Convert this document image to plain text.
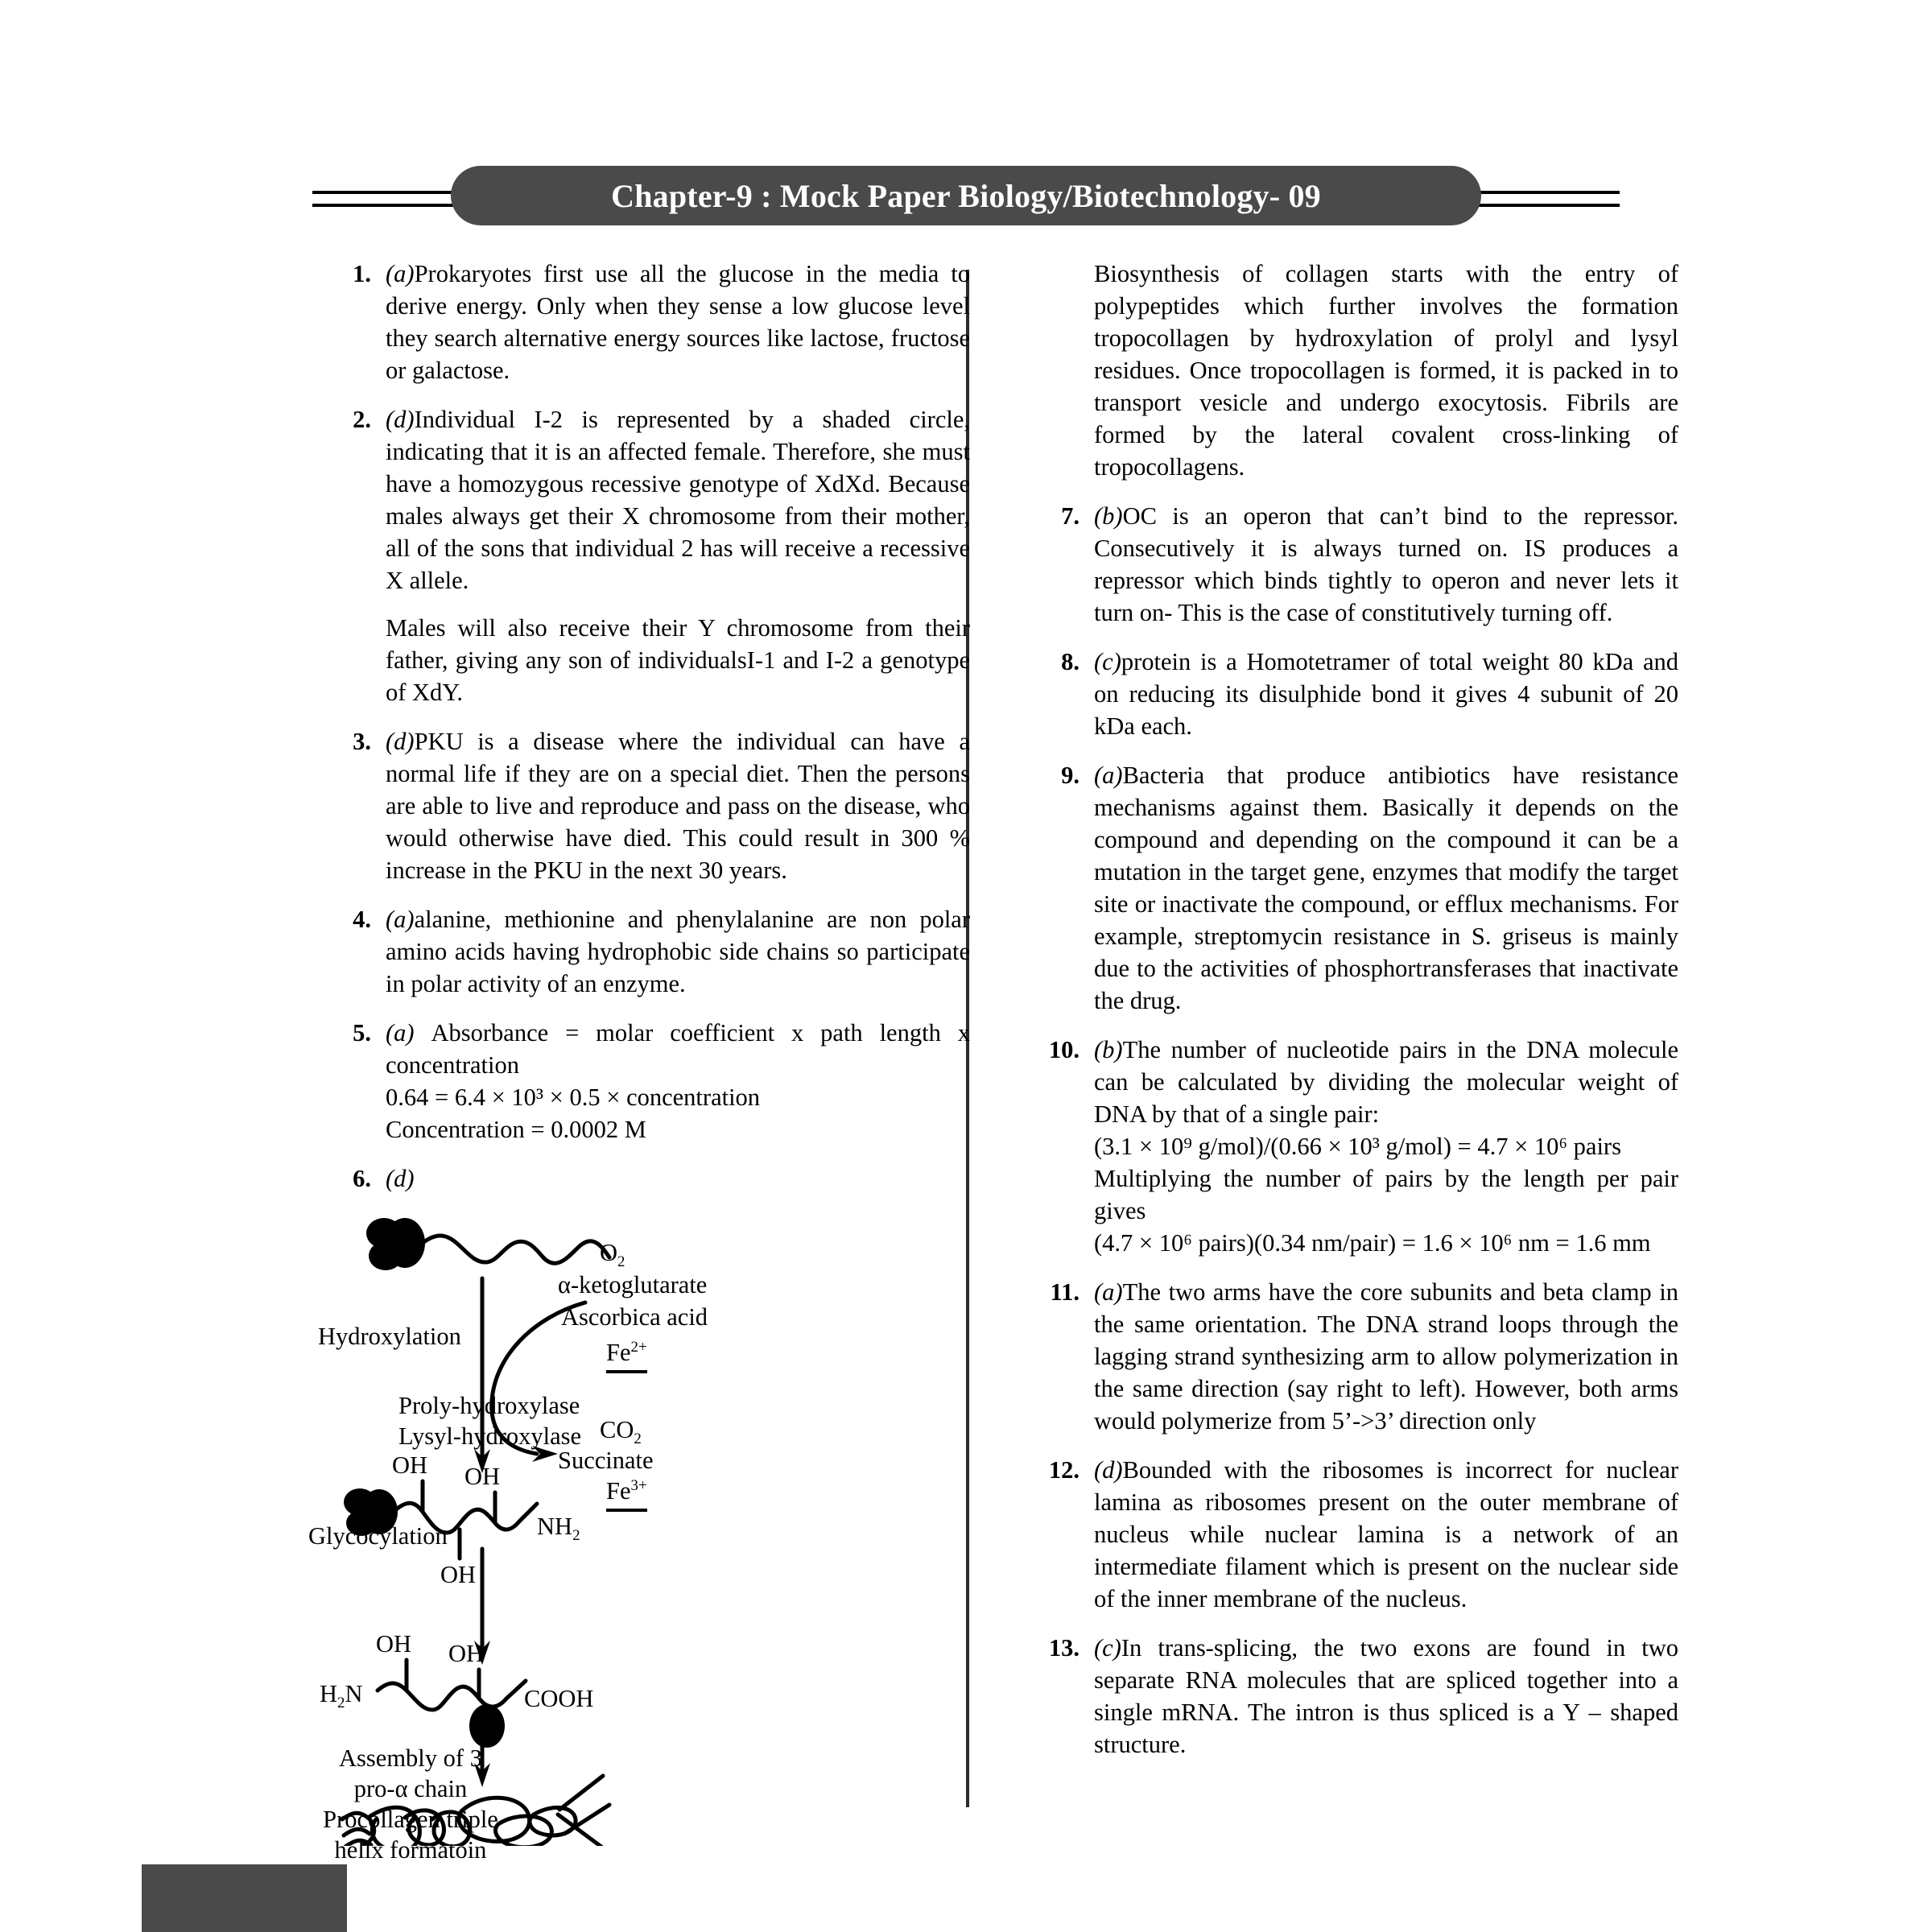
Chapter-9 : Mock Paper Biology/Biotechnology- 09
1. (a)Prokaryotes first use all the glucose in the media to derive energy. Only when they sense a low glucose level they search alternative energy sources like lactose, fructose or galactose.
2. (d)Individual I-2 is represented by a shaded circle, indicating that it is an affected female. Therefore, she must have a homozygous recessive genotype of XdXd. Because males always get their X chromosome from their mother, all of the sons that individual 2 has will receive a recessive X allele.
Males will also receive their Y chromosome from their father, giving any son of individualsI-1 and I-2 a genotype of XdY.
3. (d)PKU is a disease where the individual can have a normal life if they are on a special diet. Then the persons are able to live and reproduce and pass on the disease, who would otherwise have died. This could result in 300 % increase in the PKU in the next 30 years.
4. (a)alanine, methionine and phenylalanine are non polar amino acids having hydrophobic side chains so participate in polar activity of an enzyme.
5. (a) Absorbance = molar coefficient x path length x concentration
0.64 = 6.4 × 10³ × 0.5 × concentration
Concentration = 0.0002 M
6. (d)
Hydroxylation
Proly-hydroxylase
Lysyl-hydroxylase
$O_2$
α-ketoglutarate
Ascorbica acid
$Fe^{2+}$
$CO_2$
Succinate
$Fe^{3+}$
OH OH
OH
$NH_2$
Glycocylation
OH OH
$H_2N$	COOH
Assembly of 3
pro-α chain
Procollagen triple
hellx formatoin
Biosynthesis of collagen starts with the entry of polypeptides which further involves the formation tropocollagen by hydroxylation of prolyl and lysyl residues. Once tropocollagen is formed, it is packed in to transport vesicle and undergo exocytosis. Fibrils are formed by the lateral covalent cross-linking of tropocollagens.
7. (b)OC is an operon that can’t bind to the repressor. Consecutively it is always turned on. IS produces a repressor which binds tightly to operon and never lets it turn on- This is the case of constitutively turning off.
8. (c)protein is a Homotetramer of total weight 80 kDa and on reducing its disulphide bond it gives 4 subunit of 20 kDa each.
9. (a)Bacteria that produce antibiotics have resistance mechanisms against them. Basically it depends on the compound and depending on the compound it can be a mutation in the target gene, enzymes that modify the target site or inactivate the compound, or efflux mechanisms. For example, streptomycin resistance in S. griseus is mainly due to the activities of phosphortransferases that inactivate the drug.
10. (b)The number of nucleotide pairs in the DNA molecule can be calculated by dividing the molecular weight of DNA by that of a single pair:
(3.1 × 10⁹ g/mol)/(0.66 × 10³ g/mol) = 4.7 × 10⁶ pairs
Multiplying the number of pairs by the length per pair gives
(4.7 × 10⁶ pairs)(0.34 nm/pair) = 1.6 × 10⁶ nm = 1.6 mm
11. (a)The two arms have the core subunits and beta clamp in the same orientation. The DNA strand loops through the lagging strand synthesizing arm to allow polymerization in the same direction (say right to left). However, both arms would polymerize from 5’->3’ direction only
12. (d)Bounded with the ribosomes is incorrect for nuclear lamina as ribosomes present on the outer membrane of nucleus while nuclear lamina is a network of an intermediate filament which is present on the nuclear side of the inner membrane of the nucleus.
13. (c)In trans-splicing, the two exons are found in two separate RNA molecules that are spliced together into a single mRNA. The intron is thus spliced is a Y – shaped structure.
